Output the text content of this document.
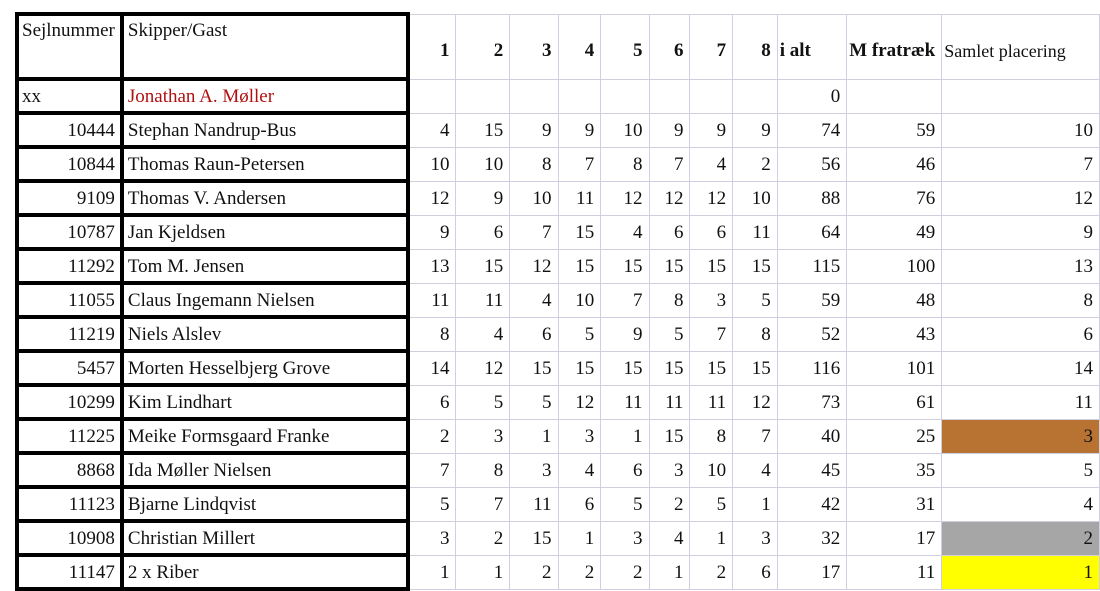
Sejlnummer	Skipper/Gast	1	2	3	4	5	6	7	8	i alt	M fratræk	Samlet placering
xx	Jonathan A. Møller									0		
10444	Stephan Nandrup-Bus	4	15	9	9	10	9	9	9	74	59	10
10844	Thomas Raun-Petersen	10	10	8	7	8	7	4	2	56	46	7
9109	Thomas V. Andersen	12	9	10	11	12	12	12	10	88	76	12
10787	Jan Kjeldsen	9	6	7	15	4	6	6	11	64	49	9
11292	Tom M. Jensen	13	15	12	15	15	15	15	15	115	100	13
11055	Claus Ingemann Nielsen	11	11	4	10	7	8	3	5	59	48	8
11219	Niels Alslev	8	4	6	5	9	5	7	8	52	43	6
5457	Morten Hesselbjerg Grove	14	12	15	15	15	15	15	15	116	101	14
10299	Kim Lindhart	6	5	5	12	11	11	11	12	73	61	11
11225	Meike Formsgaard Franke	2	3	1	3	1	15	8	7	40	25	3
8868	Ida Møller Nielsen	7	8	3	4	6	3	10	4	45	35	5
11123	Bjarne Lindqvist	5	7	11	6	5	2	5	1	42	31	4
10908	Christian Millert	3	2	15	1	3	4	1	3	32	17	2
11147	2 x Riber	1	1	2	2	2	1	2	6	17	11	1
